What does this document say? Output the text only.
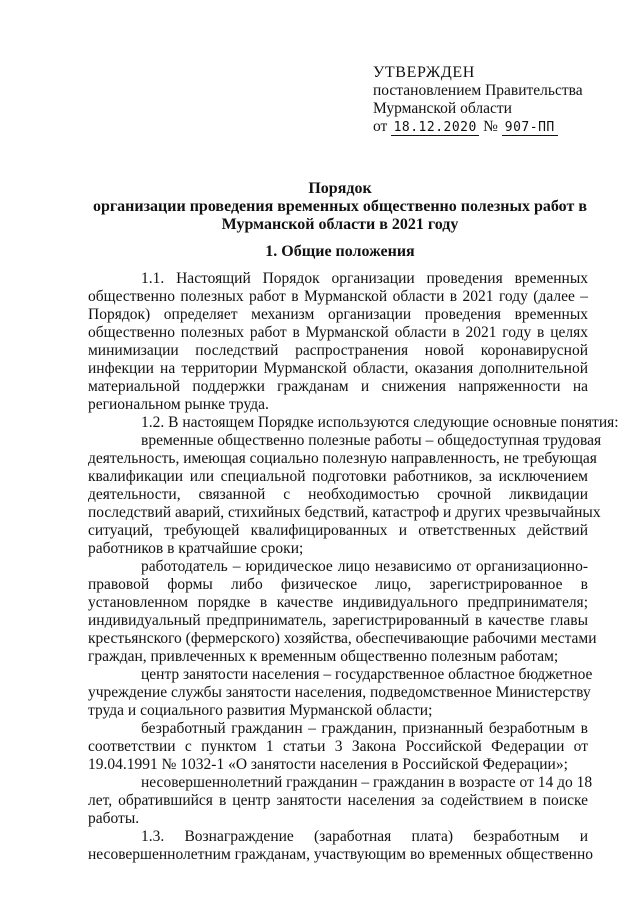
УТВЕРЖДЕН
постановлением Правительства
Мурманской области
от 18.12.2020 № 907-ПП
Порядок
организации проведения временных общественно полезных работ в
Мурманской области в 2021 году
1. Общие положения
1.1. Настоящий Порядок организации проведения временных
общественно полезных работ в Мурманской области в 2021 году (далее –
Порядок) определяет механизм организации проведения временных
общественно полезных работ в Мурманской области в 2021 году в целях
минимизации последствий распространения новой коронавирусной
инфекции на территории Мурманской области, оказания дополнительной
материальной поддержки гражданам и снижения напряженности на
региональном рынке труда.
1.2. В настоящем Порядке используются следующие основные понятия:
временные общественно полезные работы – общедоступная трудовая
деятельность, имеющая социально полезную направленность, не требующая
квалификации или специальной подготовки работников, за исключением
деятельности, связанной с необходимостью срочной ликвидации
последствий аварий, стихийных бедствий, катастроф и других чрезвычайных
ситуаций, требующей квалифицированных и ответственных действий
работников в кратчайшие сроки;
работодатель – юридическое лицо независимо от организационно-
правовой формы либо физическое лицо, зарегистрированное в
установленном порядке в качестве индивидуального предпринимателя;
индивидуальный предприниматель, зарегистрированный в качестве главы
крестьянского (фермерского) хозяйства, обеспечивающие рабочими местами
граждан, привлеченных к временным общественно полезным работам;
центр занятости населения – государственное областное бюджетное
учреждение службы занятости населения, подведомственное Министерству
труда и социального развития Мурманской области;
безработный гражданин – гражданин, признанный безработным в
соответствии с пунктом 1 статьи 3 Закона Российской Федерации от
19.04.1991 № 1032-1 «О занятости населения в Российской Федерации»;
несовершеннолетний гражданин – гражданин в возрасте от 14 до 18
лет, обратившийся в центр занятости населения за содействием в поиске
работы.
1.3. Вознаграждение (заработная плата) безработным и
несовершеннолетним гражданам, участвующим во временных общественно
